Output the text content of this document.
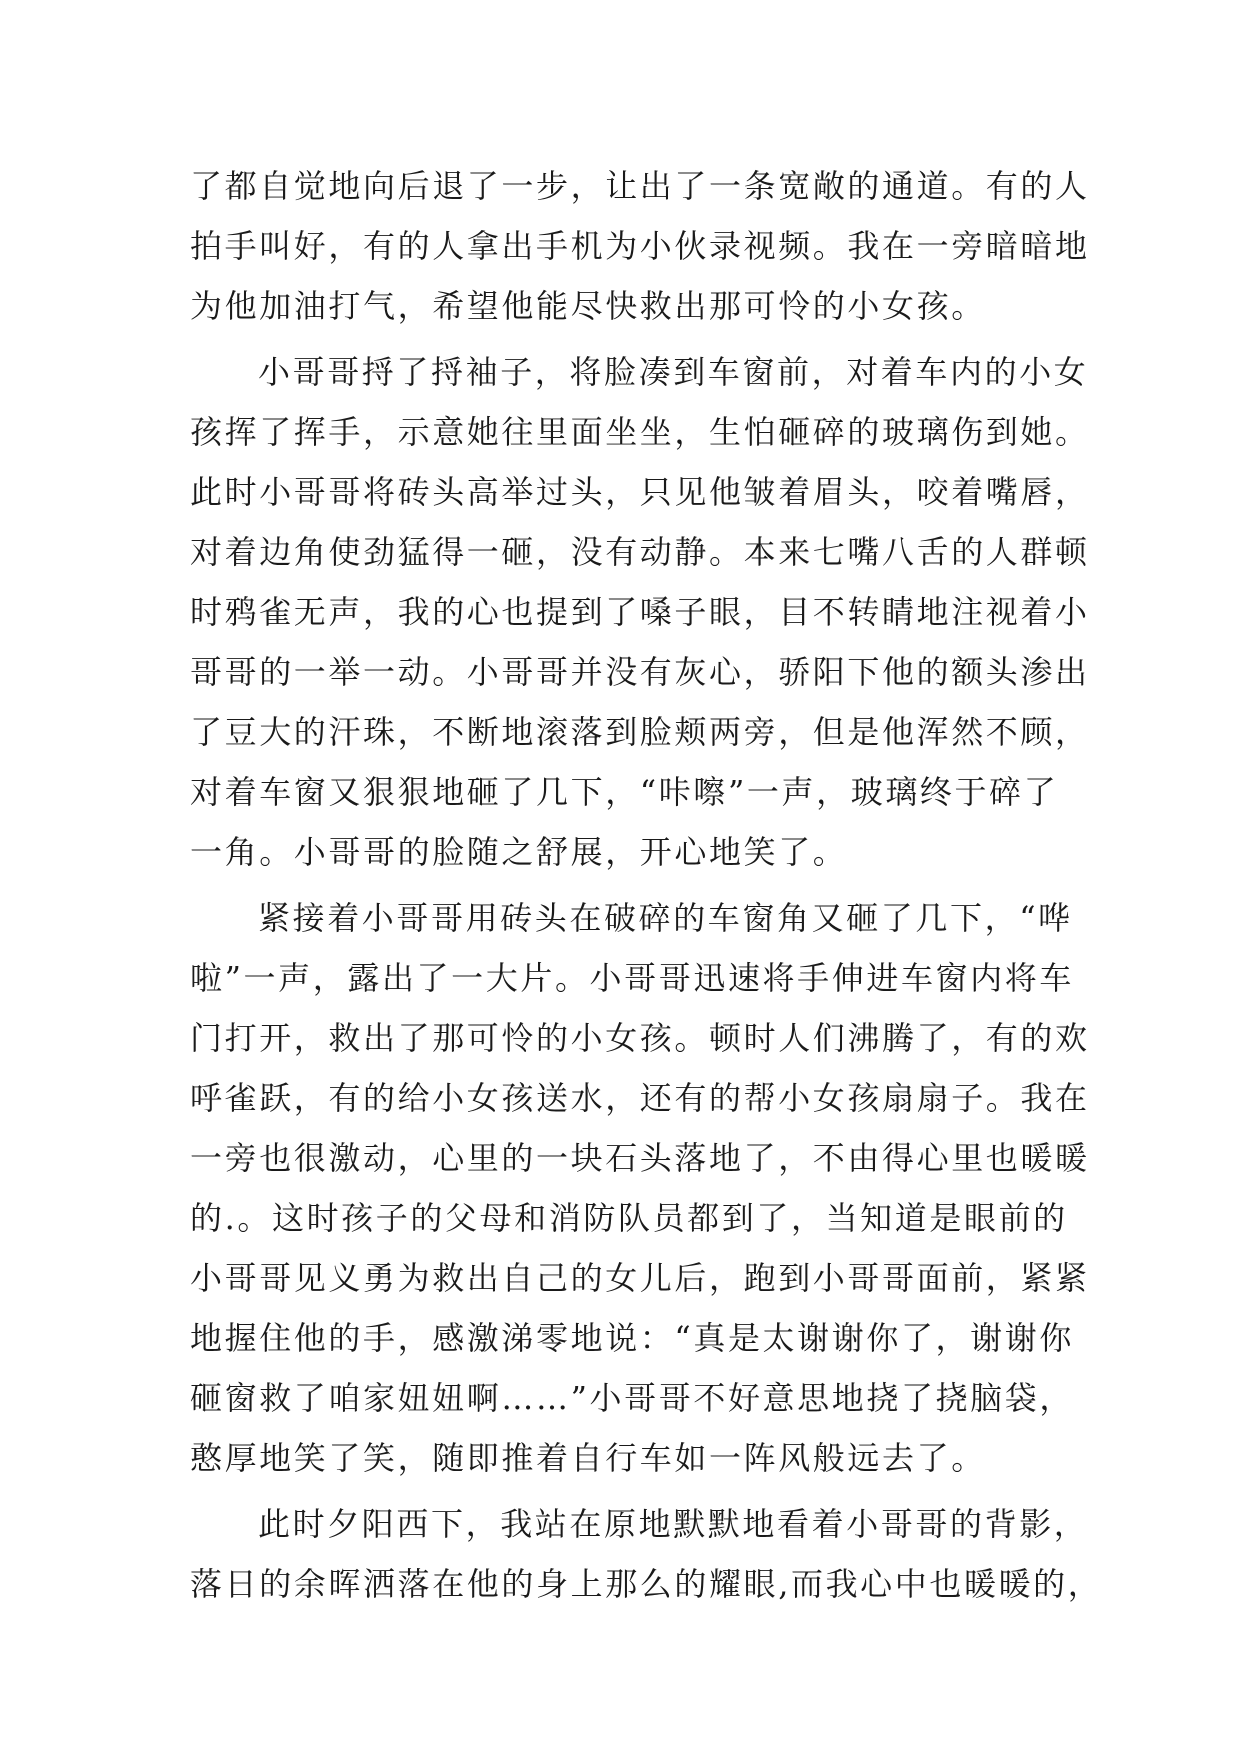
了都自觉地向后退了一步，让出了一条宽敞的通道。有的人
拍手叫好，有的人拿出手机为小伙录视频。我在一旁暗暗地
为他加油打气，希望他能尽快救出那可怜的小女孩。
小哥哥捋了捋袖子，将脸凑到车窗前，对着车内的小女
孩挥了挥手，示意她往里面坐坐，生怕砸碎的玻璃伤到她。
此时小哥哥将砖头高举过头，只见他皱着眉头，咬着嘴唇，
对着边角使劲猛得一砸，没有动静。本来七嘴八舌的人群顿
时鸦雀无声，我的心也提到了嗓子眼，目不转睛地注视着小
哥哥的一举一动。小哥哥并没有灰心，骄阳下他的额头渗出
了豆大的汗珠，不断地滚落到脸颊两旁，但是他浑然不顾，
对着车窗又狠狠地砸了几下，“咔嚓”一声，玻璃终于碎了
一角。小哥哥的脸随之舒展，开心地笑了。
紧接着小哥哥用砖头在破碎的车窗角又砸了几下，“哗
啦”一声，露出了一大片。小哥哥迅速将手伸进车窗内将车
门打开，救出了那可怜的小女孩。顿时人们沸腾了，有的欢
呼雀跃，有的给小女孩送水，还有的帮小女孩扇扇子。我在
一旁也很激动，心里的一块石头落地了，不由得心里也暖暖
的.。这时孩子的父母和消防队员都到了，当知道是眼前的
小哥哥见义勇为救出自己的女儿后，跑到小哥哥面前，紧紧
地握住他的手，感激涕零地说：“真是太谢谢你了，谢谢你
砸窗救了咱家妞妞啊……”小哥哥不好意思地挠了挠脑袋，
憨厚地笑了笑，随即推着自行车如一阵风般远去了。
此时夕阳西下，我站在原地默默地看着小哥哥的背影，
落日的余晖洒落在他的身上那么的耀眼,而我心中也暖暖的，
